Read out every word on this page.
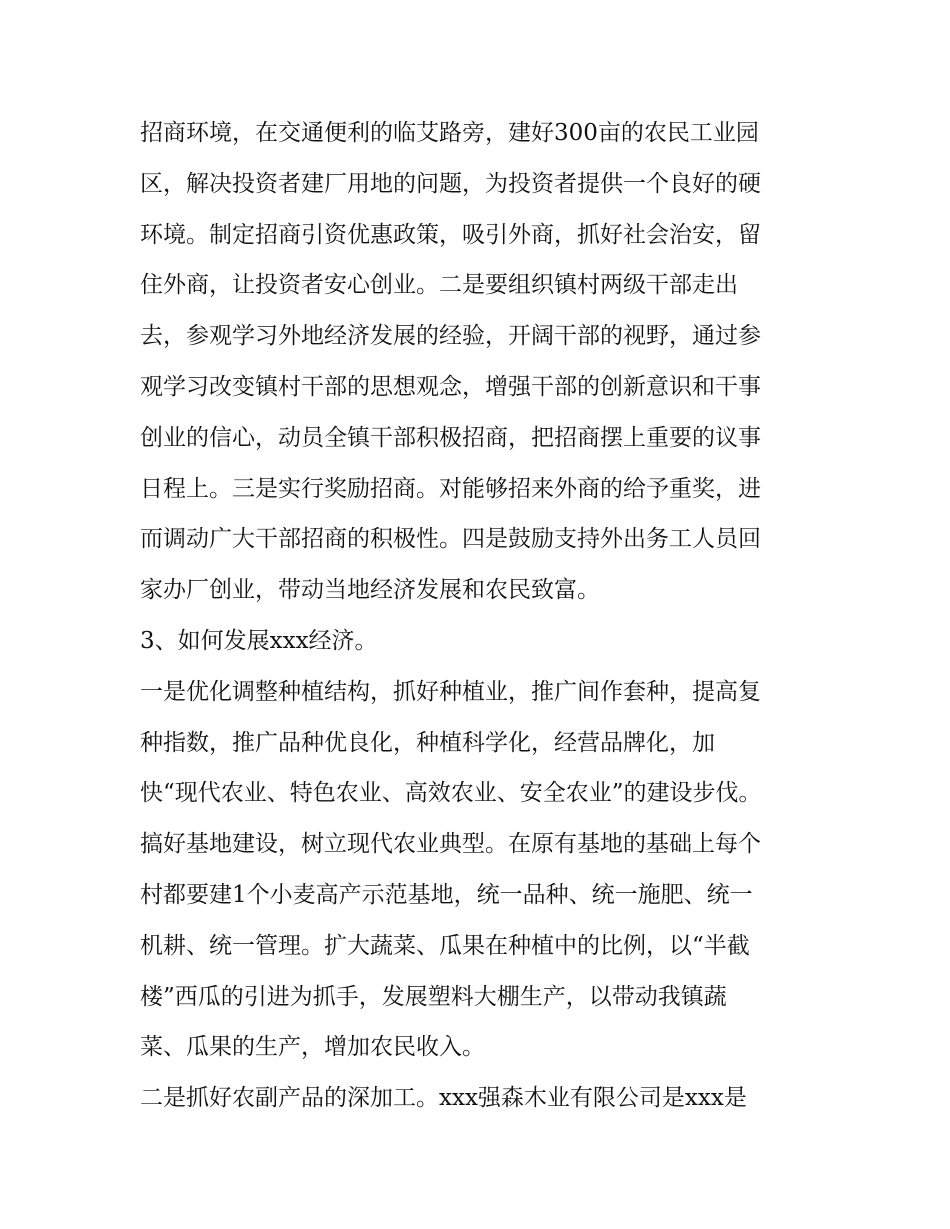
招商环境，在交通便利的临艾路旁，建好300亩的农民工业园
区，解决投资者建厂用地的问题，为投资者提供一个良好的硬
环境。制定招商引资优惠政策，吸引外商，抓好社会治安，留
住外商，让投资者安心创业。二是要组织镇村两级干部走出
去，参观学习外地经济发展的经验，开阔干部的视野，通过参
观学习改变镇村干部的思想观念，增强干部的创新意识和干事
创业的信心，动员全镇干部积极招商，把招商摆上重要的议事
日程上。三是实行奖励招商。对能够招来外商的给予重奖，进
而调动广大干部招商的积极性。四是鼓励支持外出务工人员回
家办厂创业，带动当地经济发展和农民致富。
3、如何发展xxx经济。
一是优化调整种植结构，抓好种植业，推广间作套种，提高复
种指数，推广品种优良化，种植科学化，经营品牌化，加
快“现代农业、特色农业、高效农业、安全农业”的建设步伐。
搞好基地建设，树立现代农业典型。在原有基地的基础上每个
村都要建1个小麦高产示范基地，统一品种、统一施肥、统一
机耕、统一管理。扩大蔬菜、瓜果在种植中的比例，以“半截
楼”西瓜的引进为抓手，发展塑料大棚生产，以带动我镇蔬
菜、瓜果的生产，增加农民收入。
二是抓好农副产品的深加工。xxx强森木业有限公司是xxx是
